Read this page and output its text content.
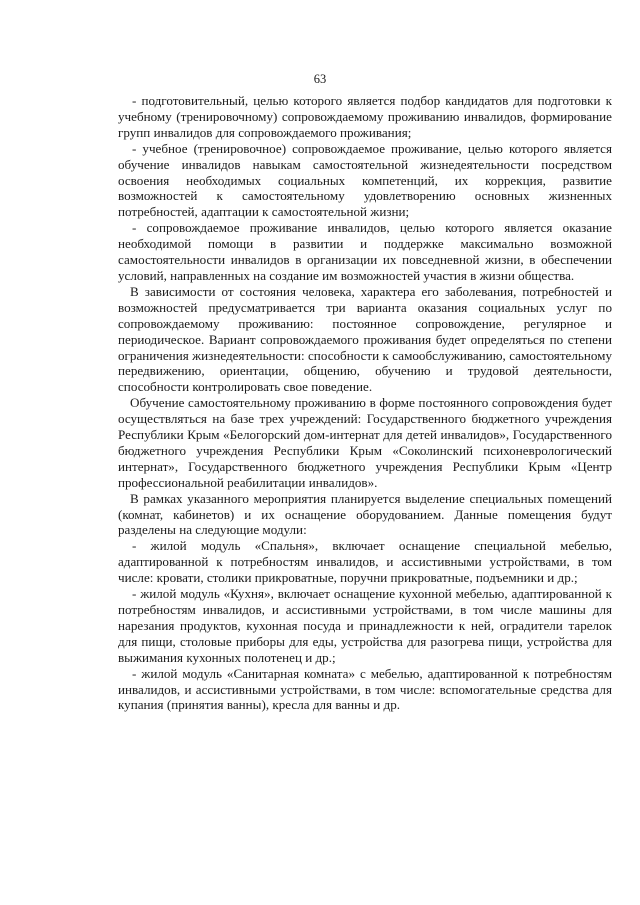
63

- подготовительный, целью которого является подбор кандидатов для подготовки к учебному (тренировочному) сопровождаемому проживанию инвалидов, формирование групп инвалидов для сопровождаемого проживания;

- учебное (тренировочное) сопровождаемое проживание, целью которого является обучение инвалидов навыкам самостоятельной жизнедеятельности посредством освоения необходимых социальных компетенций, их коррекция, развитие возможностей к самостоятельному удовлетворению основных жизненных потребностей, адаптации к самостоятельной жизни;

- сопровождаемое проживание инвалидов, целью которого является оказание необходимой помощи в развитии и поддержке максимально возможной самостоятельности инвалидов в организации их повседневной жизни, в обеспечении условий, направленных на создание им возможностей участия в жизни общества.

В зависимости от состояния человека, характера его заболевания, потребностей и возможностей предусматривается три варианта оказания социальных услуг по сопровождаемому проживанию: постоянное сопровождение, регулярное и периодическое. Вариант сопровождаемого проживания будет определяться по степени ограничения жизнедеятельности: способности к самообслуживанию, самостоятельному передвижению, ориентации, общению, обучению и трудовой деятельности, способности контролировать свое поведение.

Обучение самостоятельному проживанию в форме постоянного сопровождения будет осуществляться на базе трех учреждений: Государственного бюджетного учреждения Республики Крым «Белогорский дом-интернат для детей инвалидов», Государственного бюджетного учреждения Республики Крым «Соколинский психоневрологический интернат», Государственного бюджетного учреждения Республики Крым «Центр профессиональной реабилитации инвалидов».

В рамках указанного мероприятия планируется выделение специальных помещений (комнат, кабинетов) и их оснащение оборудованием. Данные помещения будут разделены на следующие модули:

- жилой модуль «Спальня», включает оснащение специальной мебелью, адаптированной к потребностям инвалидов, и ассистивными устройствами, в том числе: кровати, столики прикроватные, поручни прикроватные, подъемники и др.;

- жилой модуль «Кухня», включает оснащение кухонной мебелью, адаптированной к потребностям инвалидов, и ассистивными устройствами, в том числе машины для нарезания продуктов, кухонная посуда и принадлежности к ней, оградители тарелок для пищи, столовые приборы для еды, устройства для разогрева пищи, устройства для выжимания кухонных полотенец и др.;

- жилой модуль «Санитарная комната» с мебелью, адаптированной к потребностям инвалидов, и ассистивными устройствами, в том числе: вспомогательные средства для купания (принятия ванны), кресла для ванны и др.
